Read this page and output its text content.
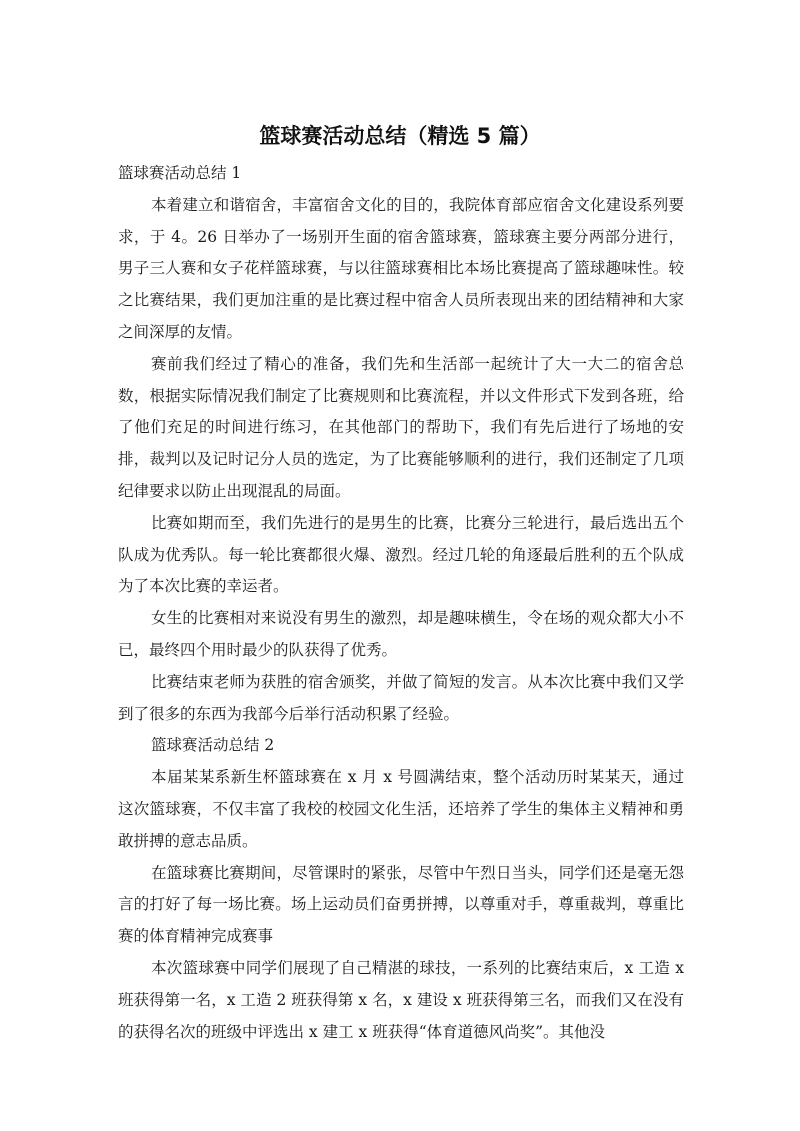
篮球赛活动总结（精选 5 篇）

篮球赛活动总结 1

本着建立和谐宿舍，丰富宿舍文化的目的，我院体育部应宿舍文化建设系列要求，于 4。26 日举办了一场别开生面的宿舍篮球赛，篮球赛主要分两部分进行，男子三人赛和女子花样篮球赛，与以往篮球赛相比本场比赛提高了篮球趣味性。较之比赛结果，我们更加注重的是比赛过程中宿舍人员所表现出来的团结精神和大家之间深厚的友情。

赛前我们经过了精心的准备，我们先和生活部一起统计了大一大二的宿舍总数，根据实际情况我们制定了比赛规则和比赛流程，并以文件形式下发到各班，给了他们充足的时间进行练习，在其他部门的帮助下，我们有先后进行了场地的安排，裁判以及记时记分人员的选定，为了比赛能够顺利的进行，我们还制定了几项纪律要求以防止出现混乱的局面。

比赛如期而至，我们先进行的是男生的比赛，比赛分三轮进行，最后选出五个队成为优秀队。每一轮比赛都很火爆、激烈。经过几轮的角逐最后胜利的五个队成为了本次比赛的幸运者。

女生的比赛相对来说没有男生的激烈，却是趣味横生，令在场的观众都大小不已，最终四个用时最少的队获得了优秀。

比赛结束老师为获胜的宿舍颁奖，并做了简短的发言。从本次比赛中我们又学到了很多的东西为我部今后举行活动积累了经验。

篮球赛活动总结 2

本届某某系新生杯篮球赛在 x 月 x 号圆满结束，整个活动历时某某天，通过这次篮球赛，不仅丰富了我校的校园文化生活，还培养了学生的集体主义精神和勇敢拼搏的意志品质。

在篮球赛比赛期间，尽管课时的紧张，尽管中午烈日当头，同学们还是毫无怨言的打好了每一场比赛。场上运动员们奋勇拼搏，以尊重对手，尊重裁判，尊重比赛的体育精神完成赛事

本次篮球赛中同学们展现了自己精湛的球技，一系列的比赛结束后，x 工造 x 班获得第一名，x 工造 2 班获得第 x 名，x 建设 x 班获得第三名，而我们又在没有的获得名次的班级中评选出 x 建工 x 班获得“体育道德风尚奖”。其他没
